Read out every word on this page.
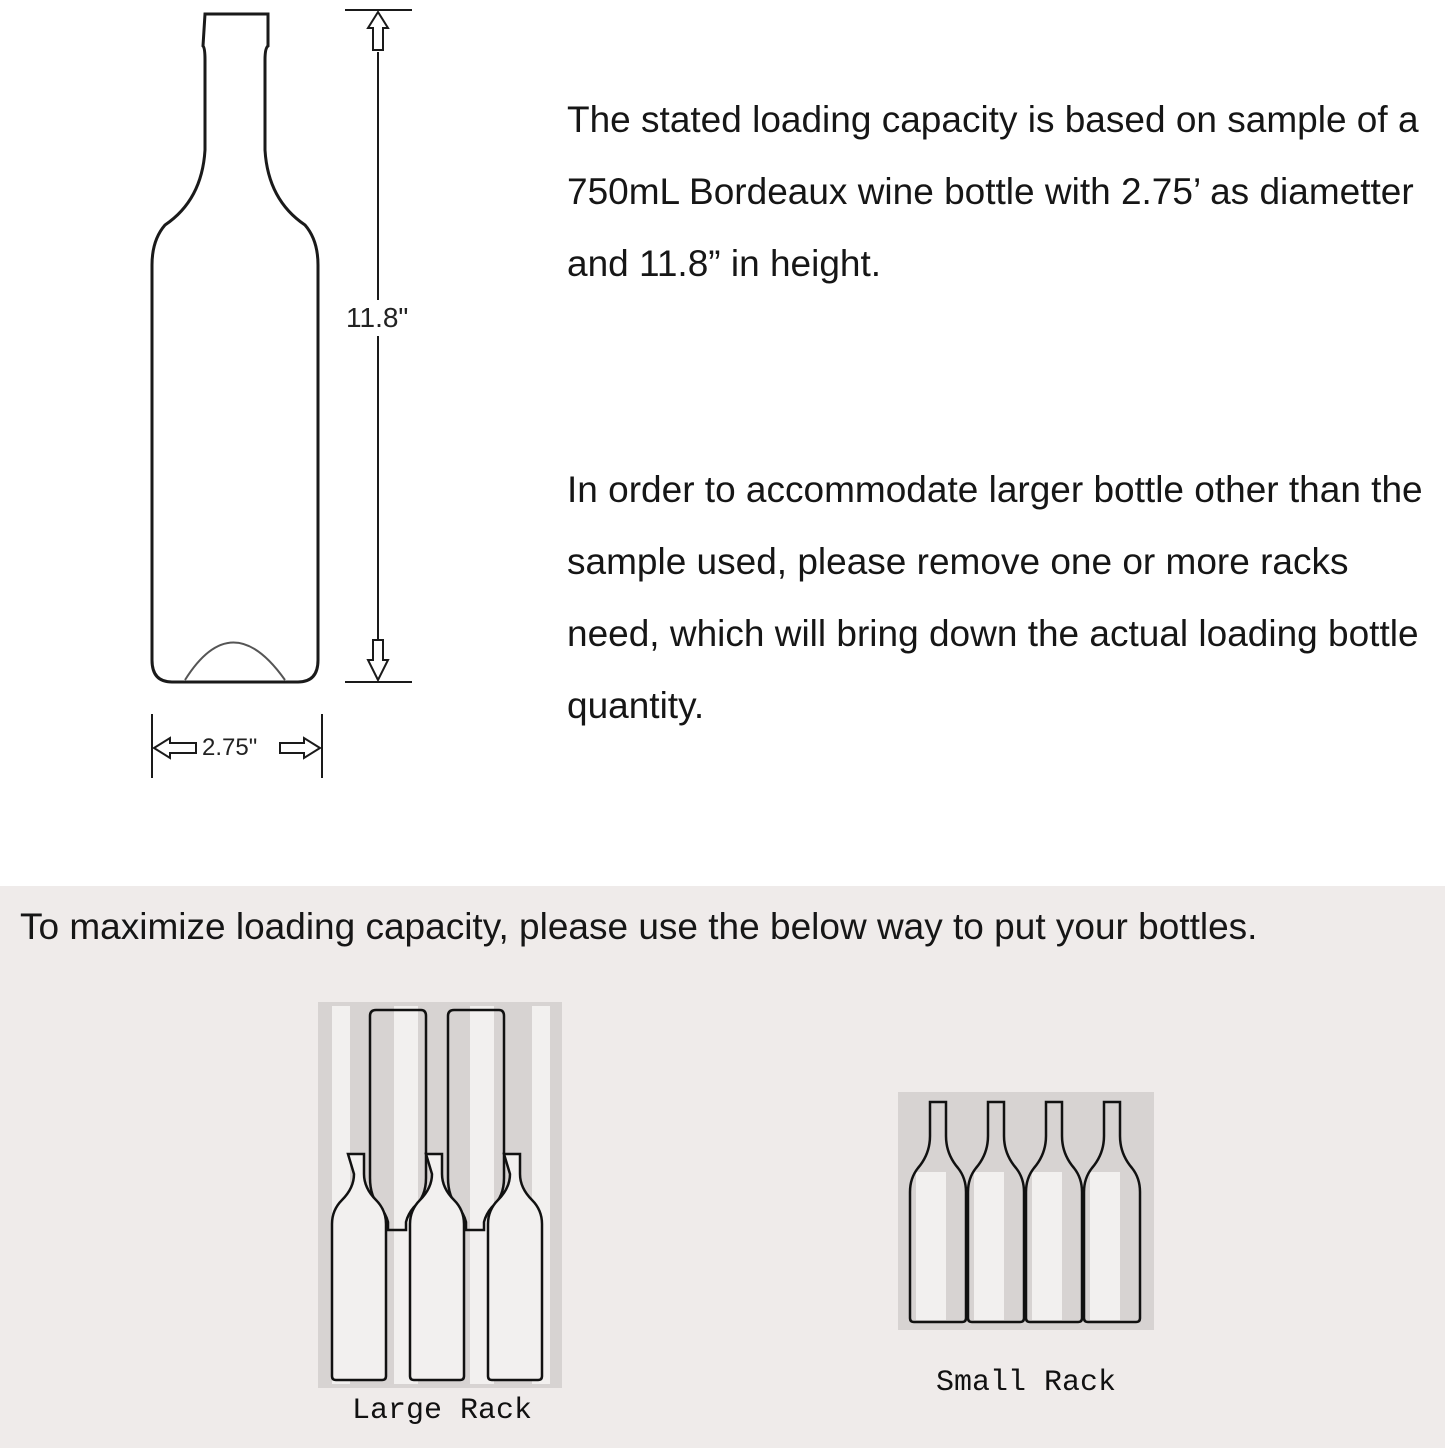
11.8"
2.75"

The stated loading capacity is based on sample of a 750mL Bordeaux wine bottle with 2.75’ as diametter and 11.8” in height.

In order to accommodate larger bottle other than the sample used, please remove one or more racks need, which will bring down the actual loading bottle quantity.

To maximize loading capacity, please use the below way to put your bottles.
Large Rack
Small Rack
